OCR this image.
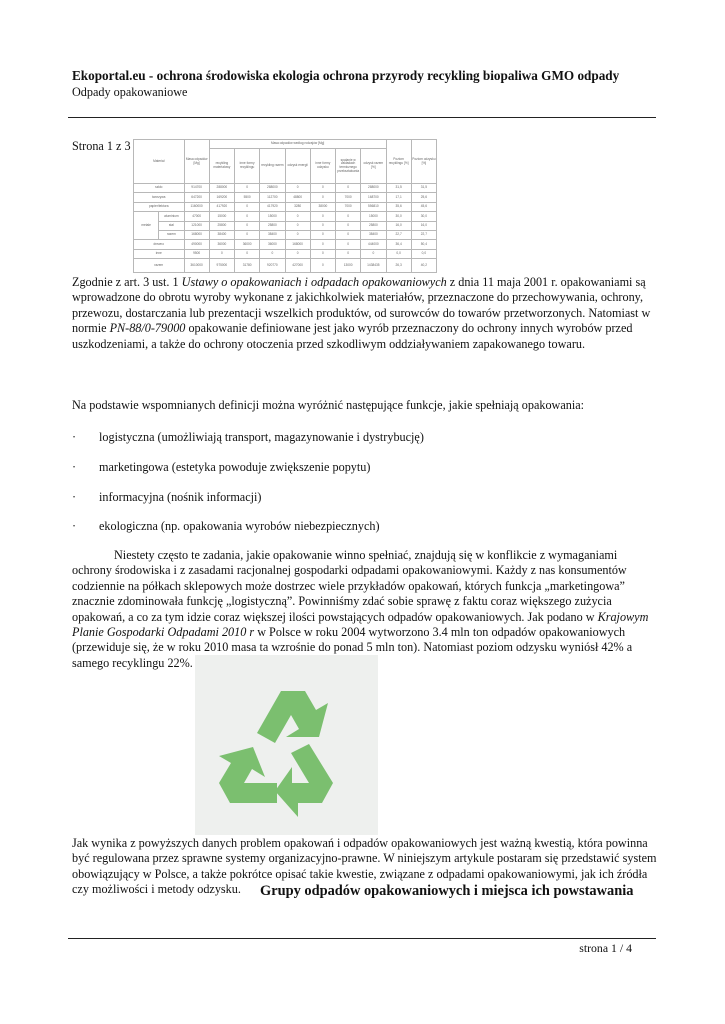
Ekoportal.eu - ochrona środowiska ekologia ochrona przyrody recykling biopaliwa GMO odpady
Odpady opakowaniowe
Strona 1 z 3
Materiał		Masa odpadów [Mg]	Masa odpadów według rodzajów [Mg]							Poziom recyklingu [%]	Poziom odzysku [%]
			recykling materiałowy	inne formy recyklingu	recykling razem	odzysk energii	inne formy odzysku	spalanie w zakładach termicznego przekształcania	odzysk razem [%]		
szkło		914700	288000	0	288000	0	0	0	288000	31,5	31,5
tworzywa		647200	169200	5500	112700	48800	0	7000	168700	17,1	25,6
papier/tektura		1160000	417920	0	417920	3280	38000	7000	556810	35,6	45,6
metale	aluminium	47000	15000	0	15000	0	0	0	15000	30,0	30,0
	stal	121000	25800	0	25800	0	0	0	25800	16,0	16,0
	razem	168000	38400	0	38400	0	0	0	38400	22,7	22,7
drewno		490000	36000	36000	36000	168000	0	0	444000	36,4	50,4
inne		9500	0	0	0	0	0	0	0	0,0	0,0
razem		3610000	975000	31780	920770	427000	0	13000	1438435	26,3	40,2
Zgodnie z art. 3 ust. 1 Ustawy o opakowaniach i odpadach opakowaniowych z dnia 11 maja 2001 r. opakowaniami są wprowadzone do obrotu wyroby wykonane z jakichkolwiek materiałów, przeznaczone do przechowywania, ochrony, przewozu, dostarczania lub prezentacji wszelkich produktów, od surowców do towarów przetworzonych. Natomiast w normie PN-88/0-79000 opakowanie definiowane jest jako wyrób przeznaczony do ochrony innych wyrobów przed uszkodzeniami, a także do ochrony otoczenia przed szkodliwym oddziaływaniem zapakowanego towaru.
Na podstawie wspomnianych definicji można wyróżnić następujące funkcje, jakie spełniają opakowania:
· logistyczna (umożliwiają transport, magazynowanie i dystrybucję)
· marketingowa (estetyka powoduje zwiększenie popytu)
· informacyjna (nośnik informacji)
· ekologiczna (np. opakowania wyrobów niebezpiecznych)
Niestety często te zadania, jakie opakowanie winno spełniać, znajdują się w konflikcie z wymaganiami ochrony środowiska i z zasadami racjonalnej gospodarki odpadami opakowaniowymi. Każdy z nas konsumentów codziennie na półkach sklepowych może dostrzec wiele przykładów opakowań, których funkcja „marketingowa” znacznie zdominowała funkcję „logistyczną”. Powinniśmy zdać sobie sprawę z faktu coraz większego zużycia opakowań, a co za tym idzie coraz większej ilości powstających odpadów opakowaniowych. Jak podano w Krajowym Planie Gospodarki Odpadami 2010 r w Polsce w roku 2004 wytworzono 3.4 mln ton odpadów opakowaniowych (przewiduje się, że w roku 2010 masa ta wzrośnie do ponad 5 mln ton). Natomiast poziom odzysku wyniósł 42% a samego recyklingu 22%.
Jak wynika z powyższych danych problem opakowań i odpadów opakowaniowych jest ważną kwestią, która powinna być regulowana przez sprawne systemy organizacyjno-prawne. W niniejszym artykule postaram się przedstawić system obowiązujący w Polsce, a także pokrótce opisać takie kwestie, związane z odpadami opakowaniowymi, jak ich źródła czy możliwości i metody odzysku.	Grupy odpadów opakowaniowych i miejsca ich powstawania
strona 1 / 4
